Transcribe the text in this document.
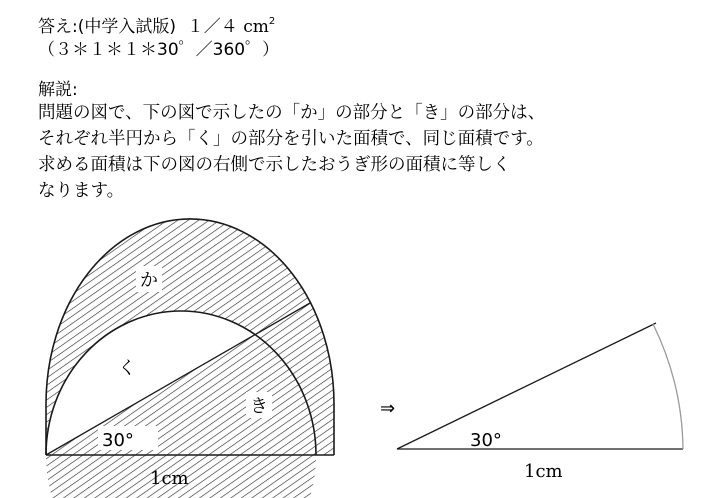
答え:(中学入試版) １／４ $cm^2$
（３＊１＊１＊30゜／360゜）
解説:
問題の図で、下の図で示したの「か」の部分と「き」の部分は、
それぞれ半円から「く」の部分を引いた面積で、同じ面積です。
求める面積は下の図の右側で示したおうぎ形の面積に等しく
なります。
か
く
き
30°
1cm
⇒
30°
1cm
